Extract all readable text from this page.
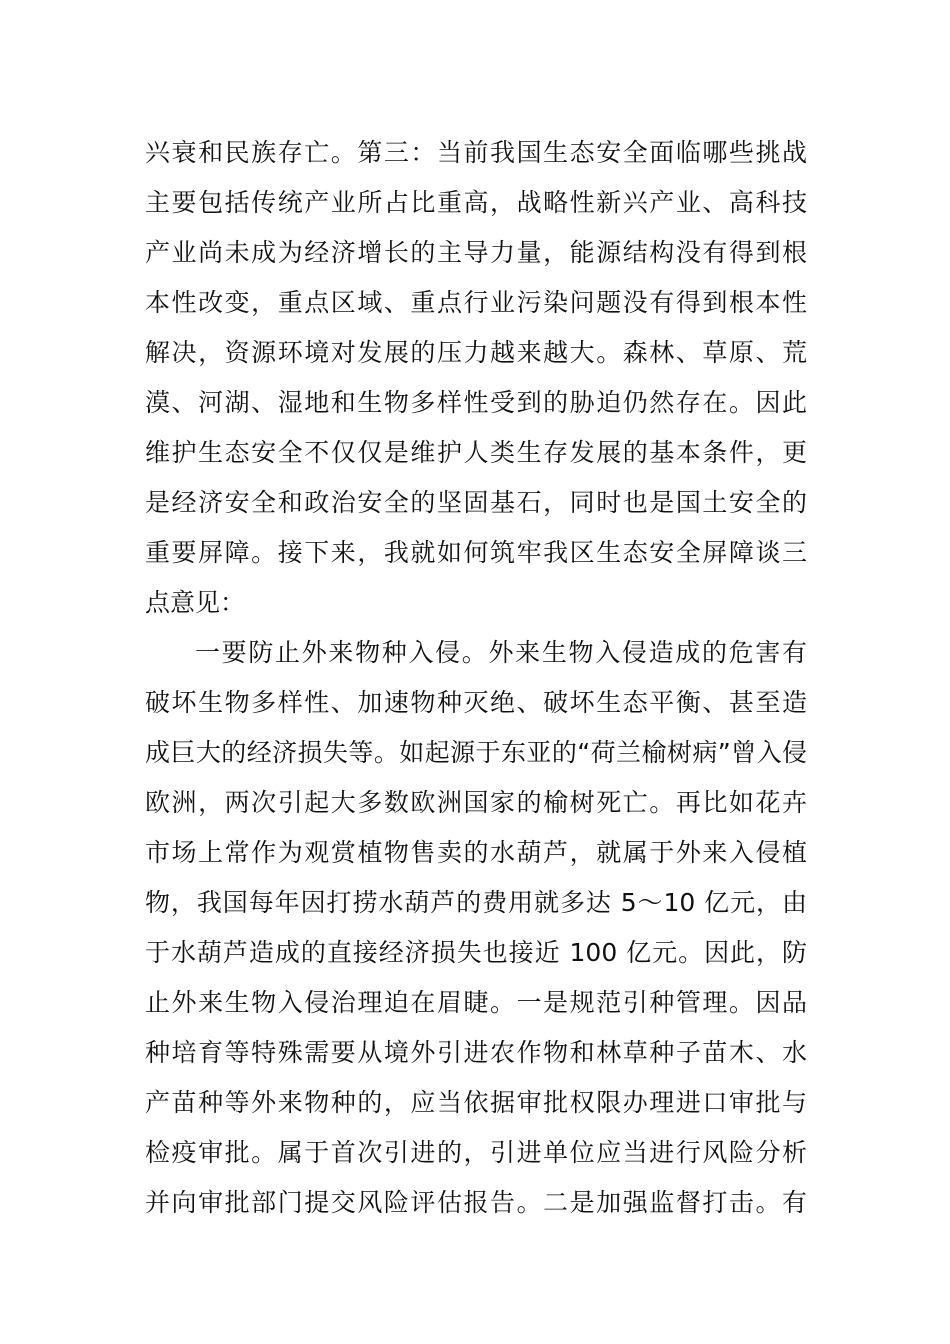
兴衰和民族存亡。第三：当前我国生态安全面临哪些挑战
主要包括传统产业所占比重高，战略性新兴产业、高科技
产业尚未成为经济增长的主导力量，能源结构没有得到根
本性改变，重点区域、重点行业污染问题没有得到根本性
解决，资源环境对发展的压力越来越大。森林、草原、荒
漠、河湖、湿地和生物多样性受到的胁迫仍然存在。因此
维护生态安全不仅仅是维护人类生存发展的基本条件，更
是经济安全和政治安全的坚固基石，同时也是国土安全的
重要屏障。接下来，我就如何筑牢我区生态安全屏障谈三
点意见：
一要防止外来物种入侵。外来生物入侵造成的危害有
破坏生物多样性、加速物种灭绝、破坏生态平衡、甚至造
成巨大的经济损失等。如起源于东亚的“荷兰榆树病”曾入侵
欧洲，两次引起大多数欧洲国家的榆树死亡。再比如花卉
市场上常作为观赏植物售卖的水葫芦，就属于外来入侵植
物，我国每年因打捞水葫芦的费用就多达 5～10 亿元，由
于水葫芦造成的直接经济损失也接近 100 亿元。因此，防
止外来生物入侵治理迫在眉睫。一是规范引种管理。因品
种培育等特殊需要从境外引进农作物和林草种子苗木、水
产苗种等外来物种的，应当依据审批权限办理进口审批与
检疫审批。属于首次引进的，引进单位应当进行风险分析
并向审批部门提交风险评估报告。二是加强监督打击。有
